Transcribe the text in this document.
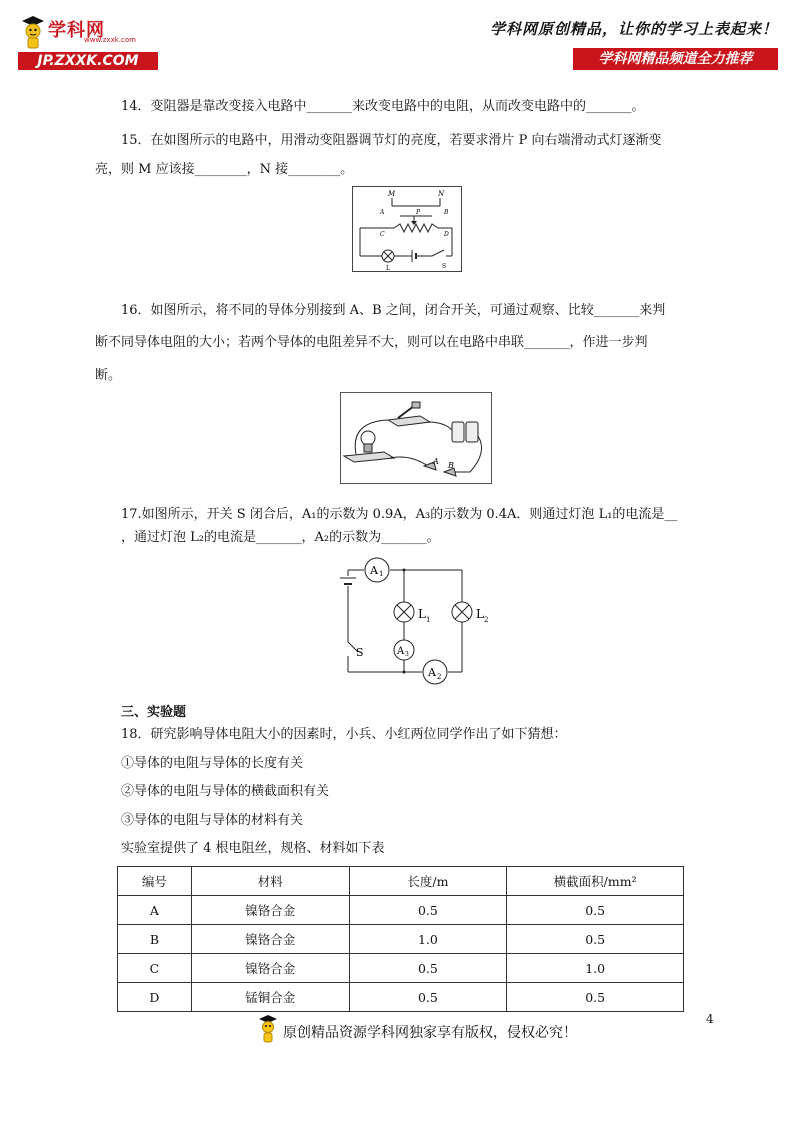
学科网
www.zxxk.com
JP.ZXXK.COM
学科网原创精品，让你的学习上表起来！
学科网精品频道全力推荐
14．变阻器是靠改变接入电路中_______来改变电路中的电阻，从而改变电路中的_______。
15．在如图所示的电路中，用滑动变阻器调节灯的亮度，若要求滑片 P 向右端滑动式灯逐渐变
亮，则 M 应该接________，N 接________。
M	N
A	B
P
C	D
L	S
16．如图所示，将不同的导体分别接到 A、B 之间，闭合开关，可通过观察、比较_______来判
断不同导体电阻的大小；若两个导体的电阻差异不大，则可以在电路中串联_______，作进一步判
断。
A B
17.如图所示，开关 S 闭合后，A₁的示数为 0.9A，A₃的示数为 0.4A．则通过灯泡 L₁的电流是__
，通过灯泡 L₂的电流是_______，A₂的示数为_______。
A 1
L 1
A 3
L 2
A 2
S
三、实验题
18．研究影响导体电阻大小的因素时，小兵、小红两位同学作出了如下猜想：
①导体的电阻与导体的长度有关
②导体的电阻与导体的横截面积有关
③导体的电阻与导体的材料有关
实验室提供了 4 根电阻丝，规格、材料如下表
编号	材料	长度/m	横截面积/mm²
A	镍铬合金	0.5	0.5
B	镍铬合金	1.0	0.5
C	镍铬合金	0.5	1.0
D	锰铜合金	0.5	0.5
原创精品资源学科网独家享有版权，侵权必究！
4
